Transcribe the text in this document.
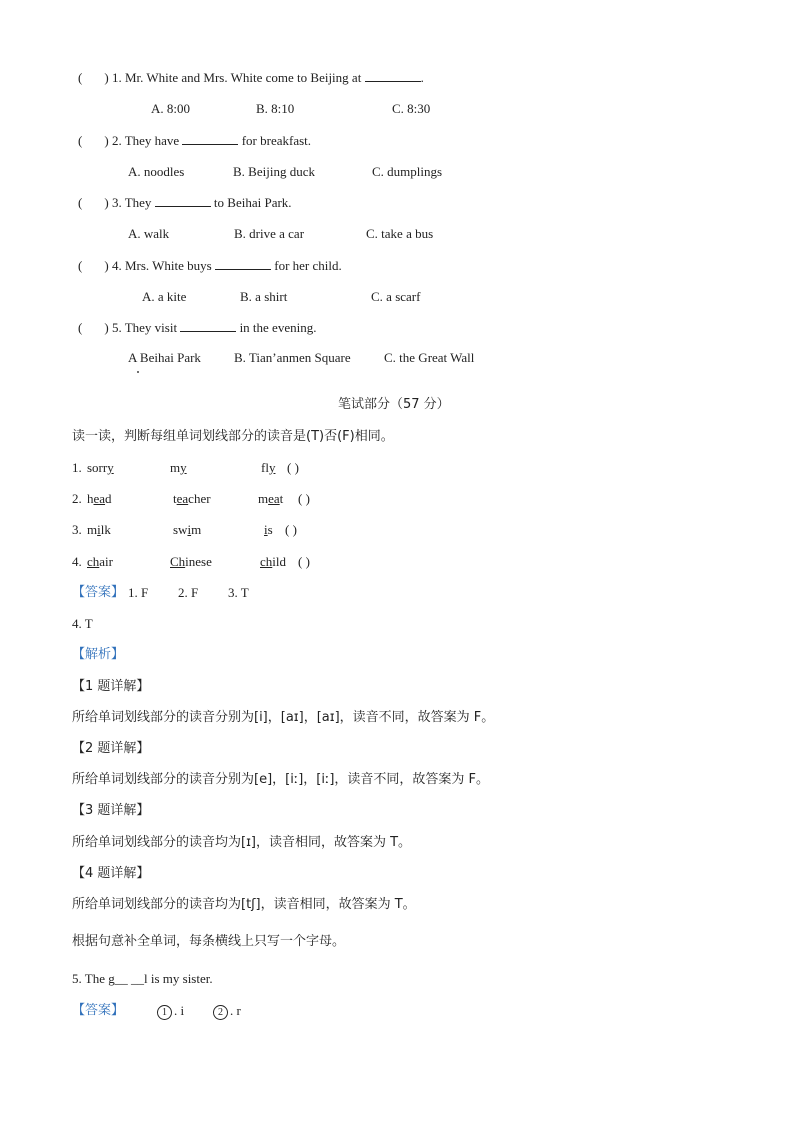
( ) 1. Mr. White and Mrs. White come to Beijing at	.
A. 8:00	B. 8:10	C. 8:30
( ) 2. They have	for breakfast.
A. noodles	B. Beijing duck	C. dumplings
( ) 3. They	to Beihai Park.
A. walk	B. drive a car	C. take a bus
( ) 4. Mrs. White buys	for her child.
A. a kite	B. a shirt	C. a scarf
( ) 5. They visit	in the evening.
A Beihai Park	B. Tian’anmen Square	C. the Great Wall
笔试部分（57 分）
读一读，判断每组单词划线部分的读音是(T)否(F)相同。
1. sorry	my	fly ( )
2. head	teacher	meat ( )
3. milk	swim	is ( )
4. chair	Chinese	child ( )
【答案】 1. F 2. F 3. T
4. T
【解析】
【1 题详解】
所给单词划线部分的读音分别为[i]，[aɪ]，[aɪ]，读音不同，故答案为 F。
【2 题详解】
所给单词划线部分的读音分别为[e]，[iː]，[iː]，读音不同，故答案为 F。
【3 题详解】
所给单词划线部分的读音均为[ɪ]，读音相同，故答案为 T。
【4 题详解】
所给单词划线部分的读音均为[tʃ]，读音相同，故答案为 T。
根据句意补全单词，每条横线上只写一个字母。
5. The g__ __l is my sister.
【答案】	1 . i	2 . r
